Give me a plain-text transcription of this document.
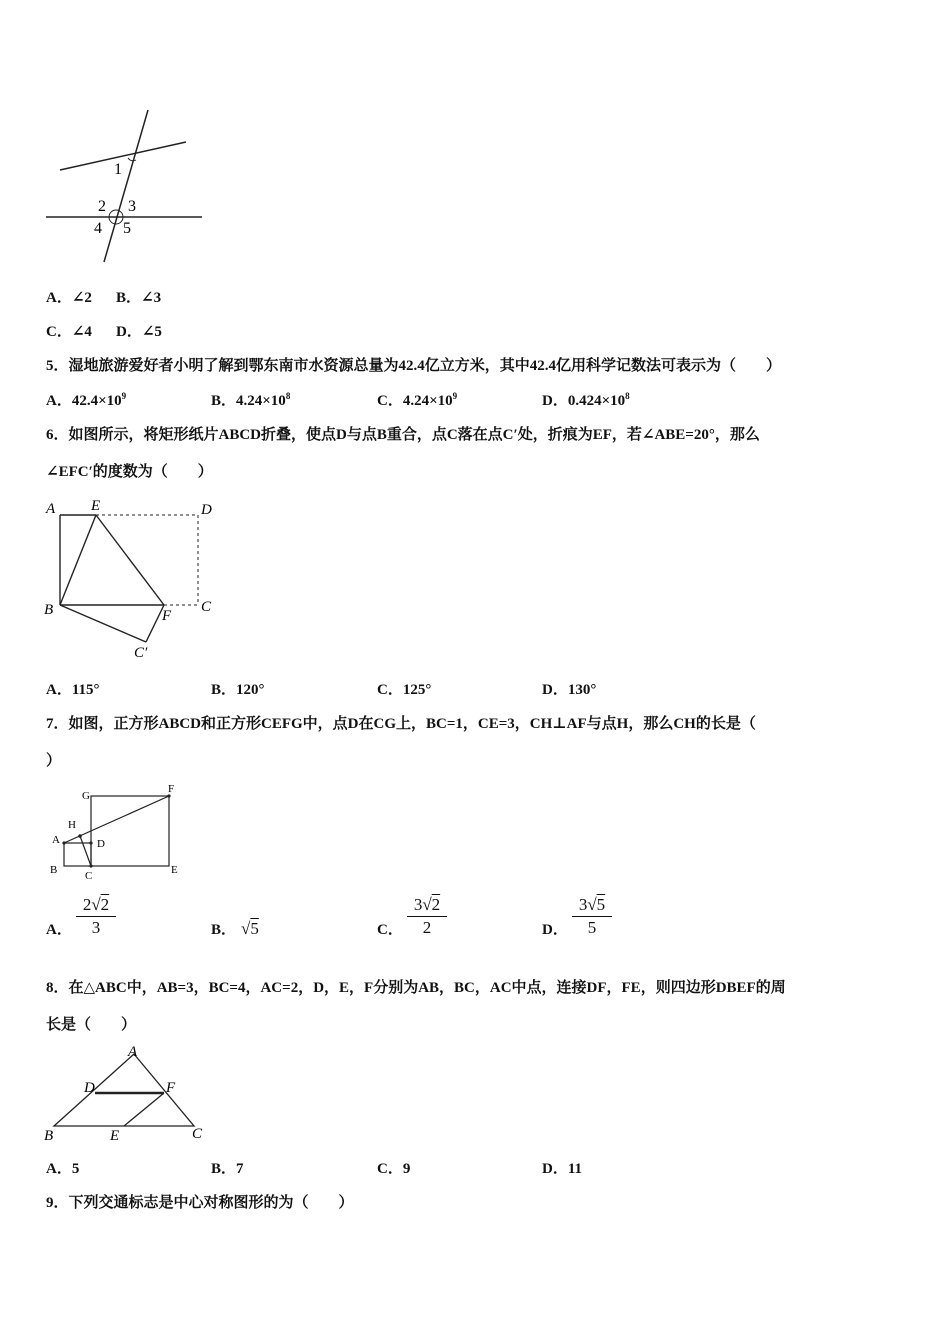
1
2 3
4 5
A．∠2 B．∠3
C．∠4 D．∠5
5．湿地旅游爱好者小明了解到鄂东南市水资源总量为42.4亿立方米，其中42.4亿用科学记数法可表示为（　　）
A．$42.4\times 10^9$	B．$4.24\times 10^8$	C．$4.24\times 10^9$	D．$0.424\times 10^8$
6．如图所示，将矩形纸片ABCD折叠，使点D与点B重合，点C落在点C′处，折痕为EF，若∠ABE=20°，那么
∠EFC′的度数为（　　）
A E	D
B	F
C
C′
A．115°	B．120°	C．125°	D．130°
7．如图，正方形ABCD和正方形CEFG中，点D在CG上，BC=1，CE=3，CH⊥AF与点H，那么CH的长是（
）
G
F
H
A	D
B	C	E
A． $\frac{2√2}{3}$	B． √5	C． $\frac{3√2}{2}$	D． $\frac{3√5}{5}$
8．在△ABC中，AB=3，BC=4，AC=2，D，E，F分别为AB，BC，AC中点，连接DF，FE，则四边形DBEF的周
长是（　　）
A
D	F
B	E	C
A．5	B．7	C．9	D．11
9．下列交通标志是中心对称图形的为（　　）
